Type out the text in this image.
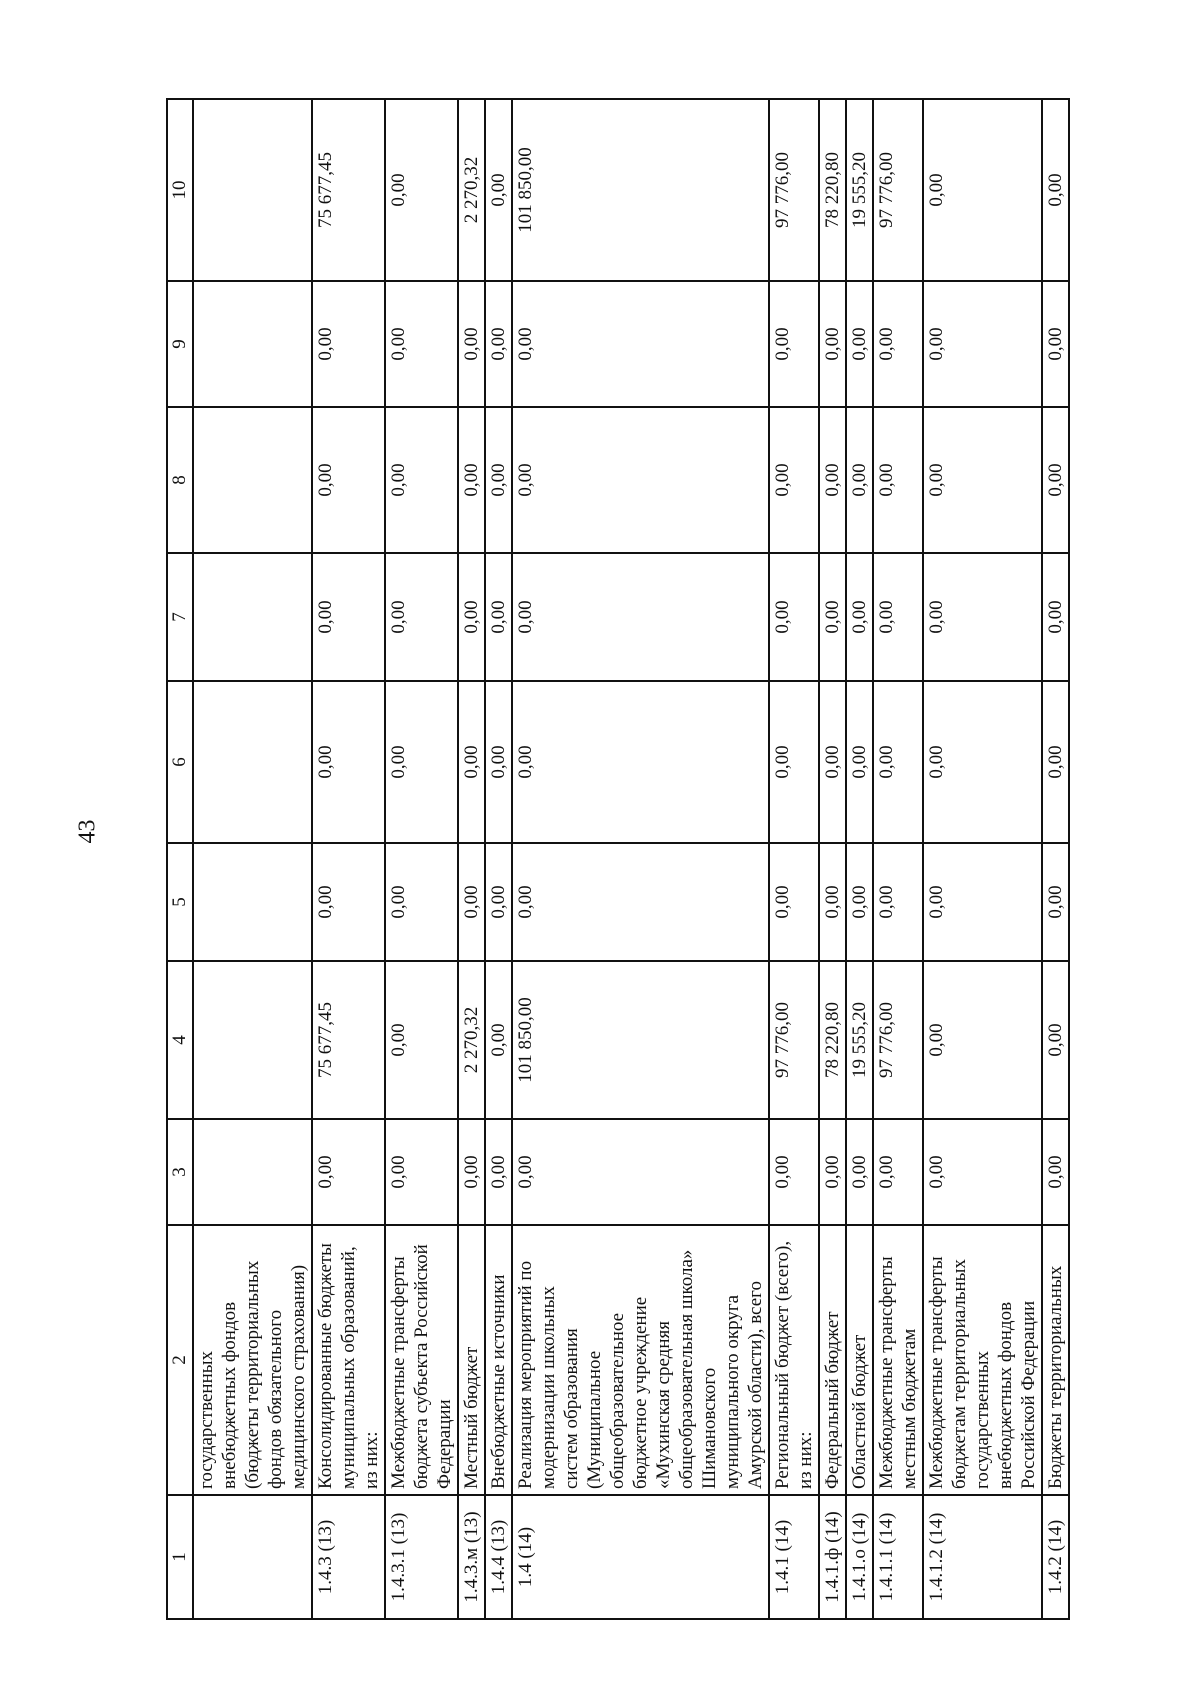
43
1	2	3	4	5	6	7	8	9	10
	государственных внебюджетных фондов (бюджеты территориальных фондов обязательного медицинского страхования)								
1.4.3 (13)	Консолидированные бюджеты муниципальных образований, из них:	0,00	75 677,45	0,00	0,00	0,00	0,00	0,00	75 677,45
1.4.3.1 (13)	Межбюджетные трансферты бюджета субъекта Российской Федерации	0,00	0,00	0,00	0,00	0,00	0,00	0,00	0,00
1.4.3.м (13)	Местный бюджет	0,00	2 270,32	0,00	0,00	0,00	0,00	0,00	2 270,32
1.4.4 (13)	Внебюджетные источники	0,00	0,00	0,00	0,00	0,00	0,00	0,00	0,00
1.4 (14)	Реализация мероприятий по модернизации школьных систем образования (Муниципальное общеобразовательное бюджетное учреждение «Мухинская средняя общеобразовательная школа» Шимановского муниципального округа Амурской области), всего	0,00	101 850,00	0,00	0,00	0,00	0,00	0,00	101 850,00
1.4.1 (14)	Региональный бюджет (всего), из них:	0,00	97 776,00	0,00	0,00	0,00	0,00	0,00	97 776,00
1.4.1.ф (14)	Федеральный бюджет	0,00	78 220,80	0,00	0,00	0,00	0,00	0,00	78 220,80
1.4.1.о (14)	Областной бюджет	0,00	19 555,20	0,00	0,00	0,00	0,00	0,00	19 555,20
1.4.1.1 (14)	Межбюджетные трансферты местным бюджетам	0,00	97 776,00	0,00	0,00	0,00	0,00	0,00	97 776,00
1.4.1.2 (14)	Межбюджетные трансферты бюджетам территориальных государственных внебюджетных фондов Российской Федерации	0,00	0,00	0,00	0,00	0,00	0,00	0,00	0,00
1.4.2 (14)	Бюджеты территориальных	0,00	0,00	0,00	0,00	0,00	0,00	0,00	0,00
